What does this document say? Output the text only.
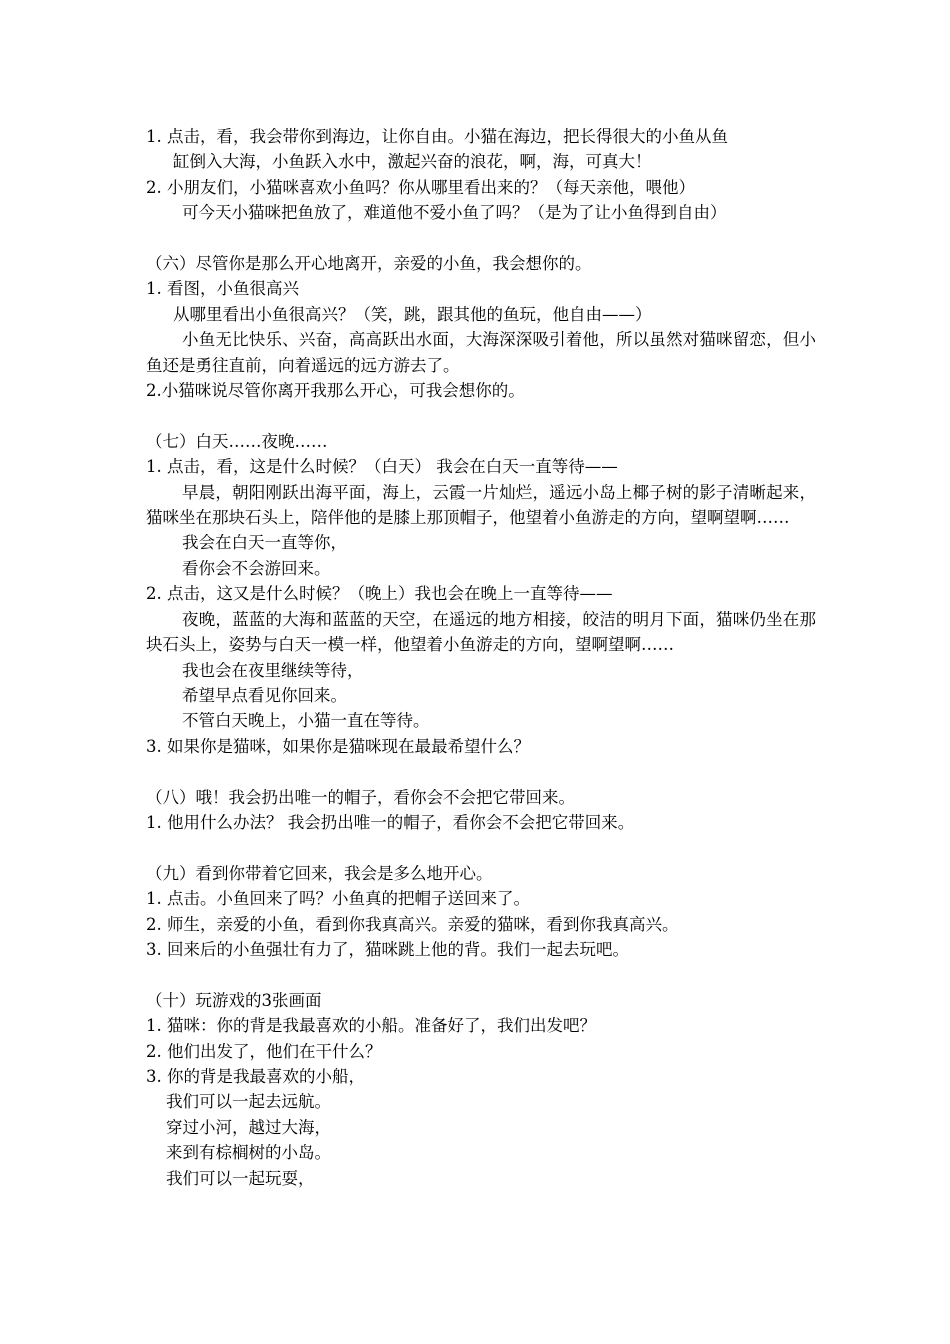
1. 点击，看，我会带你到海边，让你自由。小猫在海边，把长得很大的小鱼从鱼
缸倒入大海，小鱼跃入水中，激起兴奋的浪花，啊，海，可真大！
2. 小朋友们，小猫咪喜欢小鱼吗？你从哪里看出来的？（每天亲他，喂他）
可今天小猫咪把鱼放了，难道他不爱小鱼了吗？（是为了让小鱼得到自由）
（六）尽管你是那么开心地离开，亲爱的小鱼，我会想你的。
1. 看图，小鱼很高兴
从哪里看出小鱼很高兴？（笑，跳，跟其他的鱼玩，他自由——）
小鱼无比快乐、兴奋，高高跃出水面，大海深深吸引着他，所以虽然对猫咪留恋，但小鱼还是勇往直前，向着遥远的远方游去了。
2.小猫咪说尽管你离开我那么开心，可我会想你的。
（七）白天……夜晚……
1. 点击，看，这是什么时候？（白天） 我会在白天一直等待——
早晨，朝阳刚跃出海平面，海上，云霞一片灿烂，遥远小岛上椰子树的影子清晰起来，猫咪坐在那块石头上，陪伴他的是膝上那顶帽子，他望着小鱼游走的方向，望啊望啊……
我会在白天一直等你，
看你会不会游回来。
2. 点击，这又是什么时候？（晚上）我也会在晚上一直等待——
夜晚，蓝蓝的大海和蓝蓝的天空，在遥远的地方相接，皎洁的明月下面，猫咪仍坐在那块石头上，姿势与白天一模一样，他望着小鱼游走的方向，望啊望啊……
我也会在夜里继续等待，
希望早点看见你回来。
不管白天晚上，小猫一直在等待。
3. 如果你是猫咪，如果你是猫咪现在最最希望什么？
（八）哦！我会扔出唯一的帽子，看你会不会把它带回来。
1. 他用什么办法？ 我会扔出唯一的帽子，看你会不会把它带回来。
（九）看到你带着它回来，我会是多么地开心。
1. 点击。小鱼回来了吗？小鱼真的把帽子送回来了。
2. 师生，亲爱的小鱼，看到你我真高兴。亲爱的猫咪，看到你我真高兴。
3. 回来后的小鱼强壮有力了，猫咪跳上他的背。我们一起去玩吧。
（十）玩游戏的3张画面
1. 猫咪：你的背是我最喜欢的小船。准备好了，我们出发吧？
2. 他们出发了，他们在干什么？
3. 你的背是我最喜欢的小船，
我们可以一起去远航。
穿过小河，越过大海，
来到有棕榈树的小岛。
我们可以一起玩耍，
